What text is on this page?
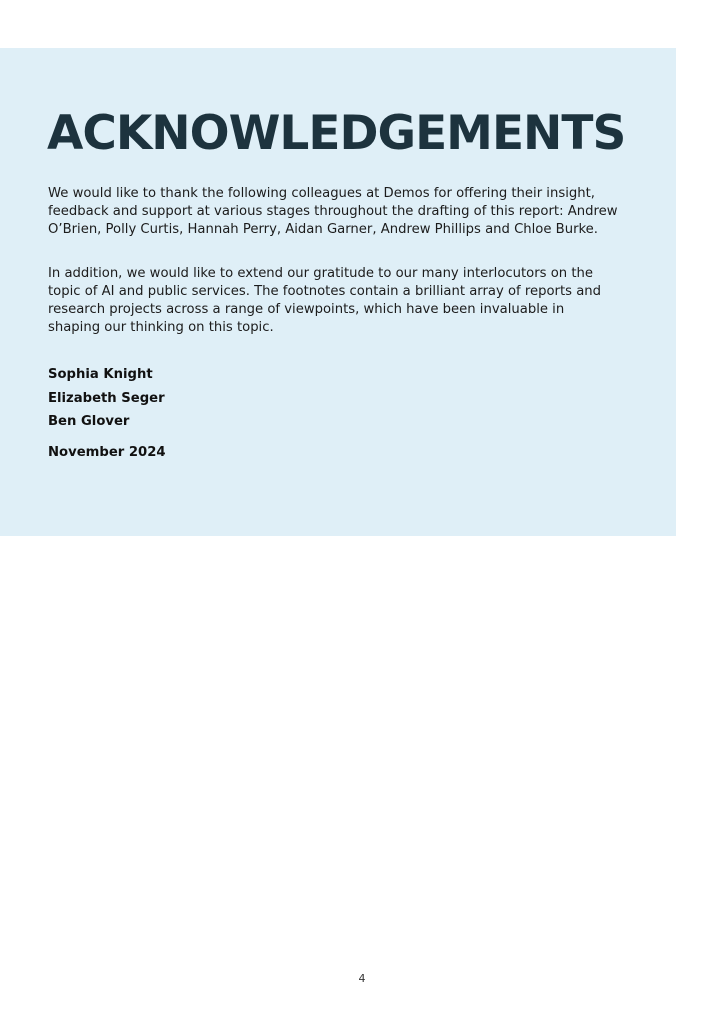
ACKNOWLEDGEMENTS

We would like to thank the following colleagues at Demos for offering their insight, feedback and support at various stages throughout the drafting of this report: Andrew O’Brien, Polly Curtis, Hannah Perry, Aidan Garner, Andrew Phillips and Chloe Burke.

In addition, we would like to extend our gratitude to our many interlocutors on the topic of AI and public services. The footnotes contain a brilliant array of reports and research projects across a range of viewpoints, which have been invaluable in shaping our thinking on this topic.

Sophia Knight

Elizabeth Seger

Ben Glover

November 2024

4
